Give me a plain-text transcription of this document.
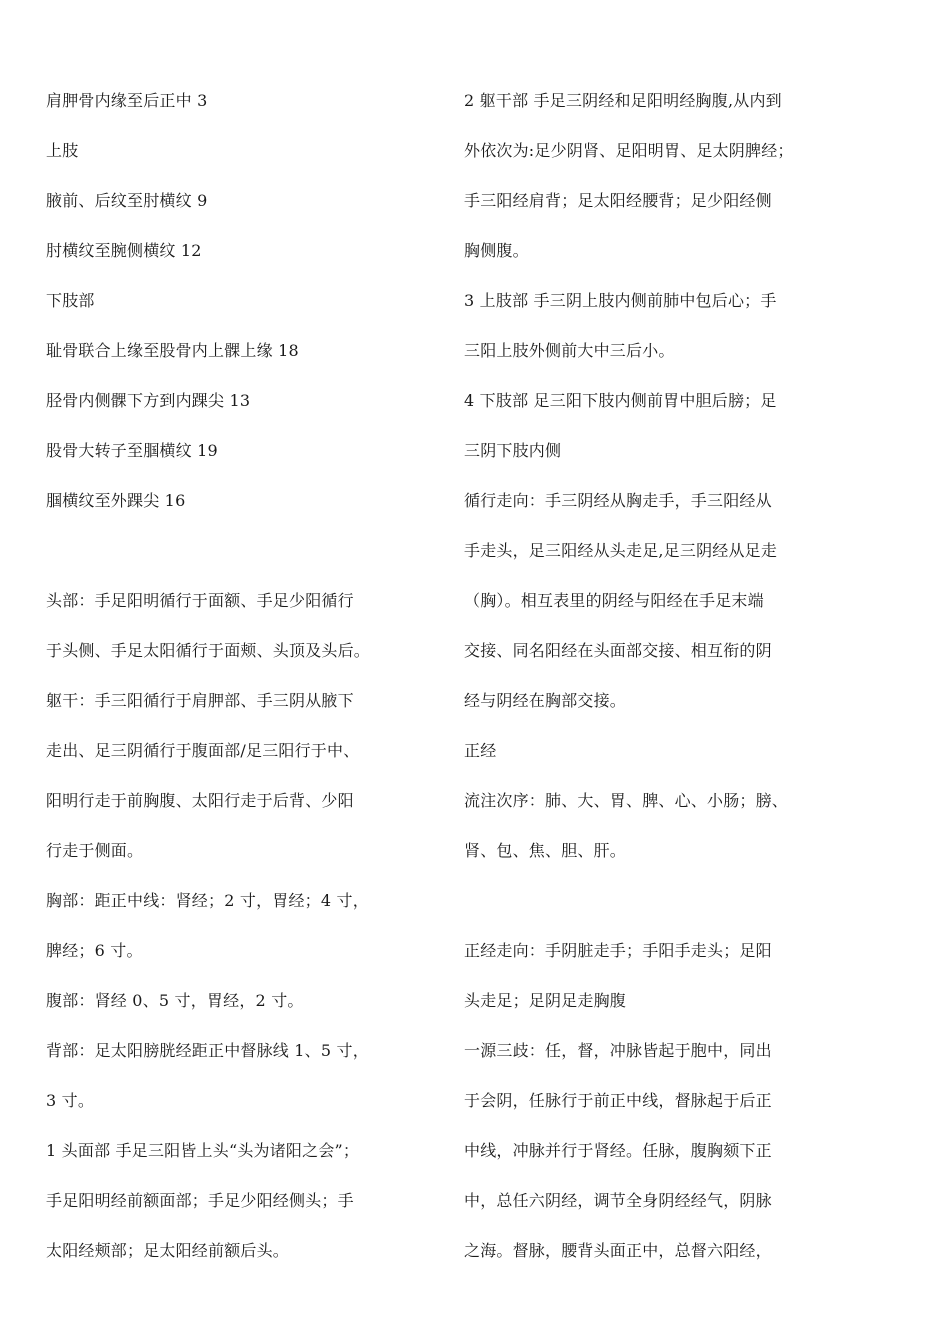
肩胛骨内缘至后正中 3
上肢
腋前、后纹至肘横纹 9
肘横纹至腕侧横纹 12
下肢部
耻骨联合上缘至股骨内上髁上缘 18
胫骨内侧髁下方到内踝尖 13
股骨大转子至腘横纹 19
腘横纹至外踝尖 16
头部：手足阳明循行于面额、手足少阳循行
于头侧、手足太阳循行于面颊、头顶及头后。
躯干：手三阳循行于肩胛部、手三阴从腋下
走出、足三阴循行于腹面部/足三阳行于中、
阳明行走于前胸腹、太阳行走于后背、少阳
行走于侧面。
胸部：距正中线：肾经；2 寸，胃经；4 寸，
脾经；6 寸。
腹部：肾经 0、5 寸，胃经，2 寸。
背部：足太阳膀胱经距正中督脉线 1、5 寸，
3 寸。
1 头面部 手足三阳皆上头“头为诸阳之会”；
手足阳明经前额面部；手足少阳经侧头；手
太阳经颊部；足太阳经前额后头。
2 躯干部 手足三阴经和足阳明经胸腹,从内到
外依次为:足少阴肾、足阳明胃、足太阴脾经；
手三阳经肩背；足太阳经腰背；足少阳经侧
胸侧腹。
3 上肢部 手三阴上肢内侧前肺中包后心；手
三阳上肢外侧前大中三后小。
4 下肢部 足三阳下肢内侧前胃中胆后膀；足
三阴下肢内侧
循行走向：手三阴经从胸走手，手三阳经从
手走头，足三阳经从头走足,足三阴经从足走
（胸）。相互表里的阴经与阳经在手足末端
交接、同名阳经在头面部交接、相互衔的阴
经与阴经在胸部交接。
正经
流注次序：肺、大、胃、脾、心、小肠；膀、
肾、包、焦、胆、肝。
正经走向：手阴脏走手；手阳手走头；足阳
头走足；足阴足走胸腹
一源三歧：任，督，冲脉皆起于胞中，同出
于会阴，任脉行于前正中线，督脉起于后正
中线，冲脉并行于肾经。任脉，腹胸颏下正
中，总任六阴经，调节全身阴经经气，阴脉
之海。督脉，腰背头面正中，总督六阳经，
